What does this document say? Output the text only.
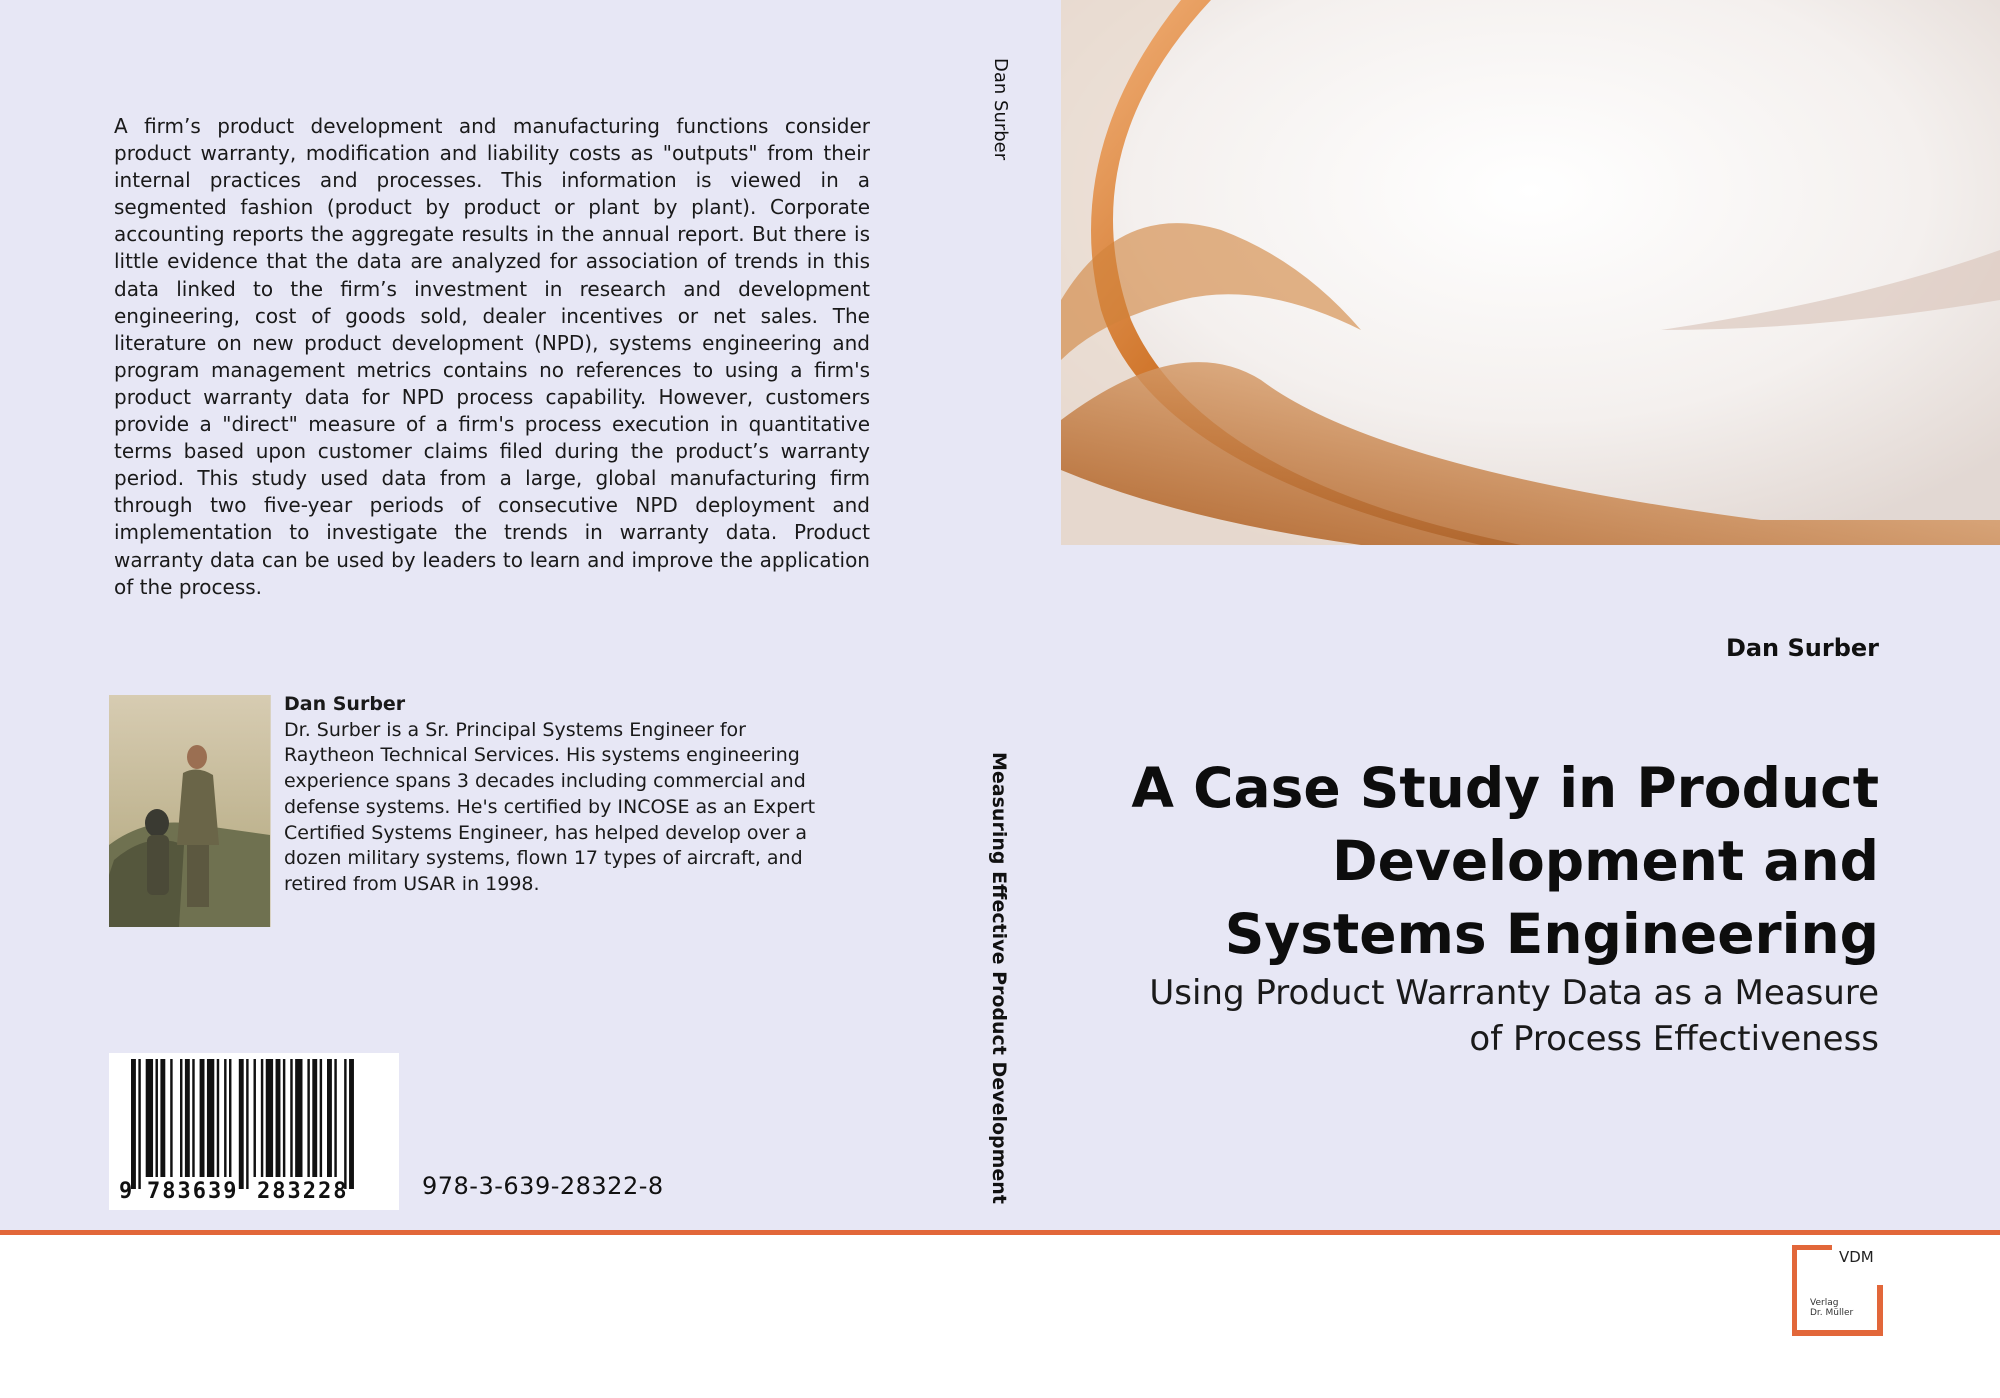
A firm’s product development and manufacturing functions consider product warranty, modification and liability costs as "outputs" from their internal practices and processes. This information is viewed in a segmented fashion (product by product or plant by plant). Corporate accounting reports the aggregate results in the annual report. But there is little evidence that the data are analyzed for association of trends in this data linked to the firm’s investment in research and development engineering, cost of goods sold, dealer incentives or net sales. The literature on new product development (NPD), systems engineering and program management metrics contains no references to using a firm's product warranty data for NPD process capability. However, customers provide a "direct" measure of a firm's process execution in quantitative terms based upon customer claims filed during the product’s warranty period. This study used data from a large, global manufacturing firm through two five-year periods of consecutive NPD deployment and implementation to investigate the trends in warranty data. Product warranty data can be used by leaders to learn and improve the application of the process.
Dan Surber
Dr. Surber is a Sr. Principal Systems Engineer for Raytheon Technical Services. His systems engineering experience spans 3 decades including commercial and defense systems. He's certified by INCOSE as an Expert Certified Systems Engineer, has helped develop over a dozen military systems, flown 17 types of aircraft, and retired from USAR in 1998.
9 783639 283228	978-3-639-28322-8
Dan Surber
Measuring Effective Product Development
Dan Surber
A Case Study in Product
Development and
Systems Engineering
Using Product Warranty Data as a Measure
of Process Effectiveness
VDM
Verlag
Dr. Müller
